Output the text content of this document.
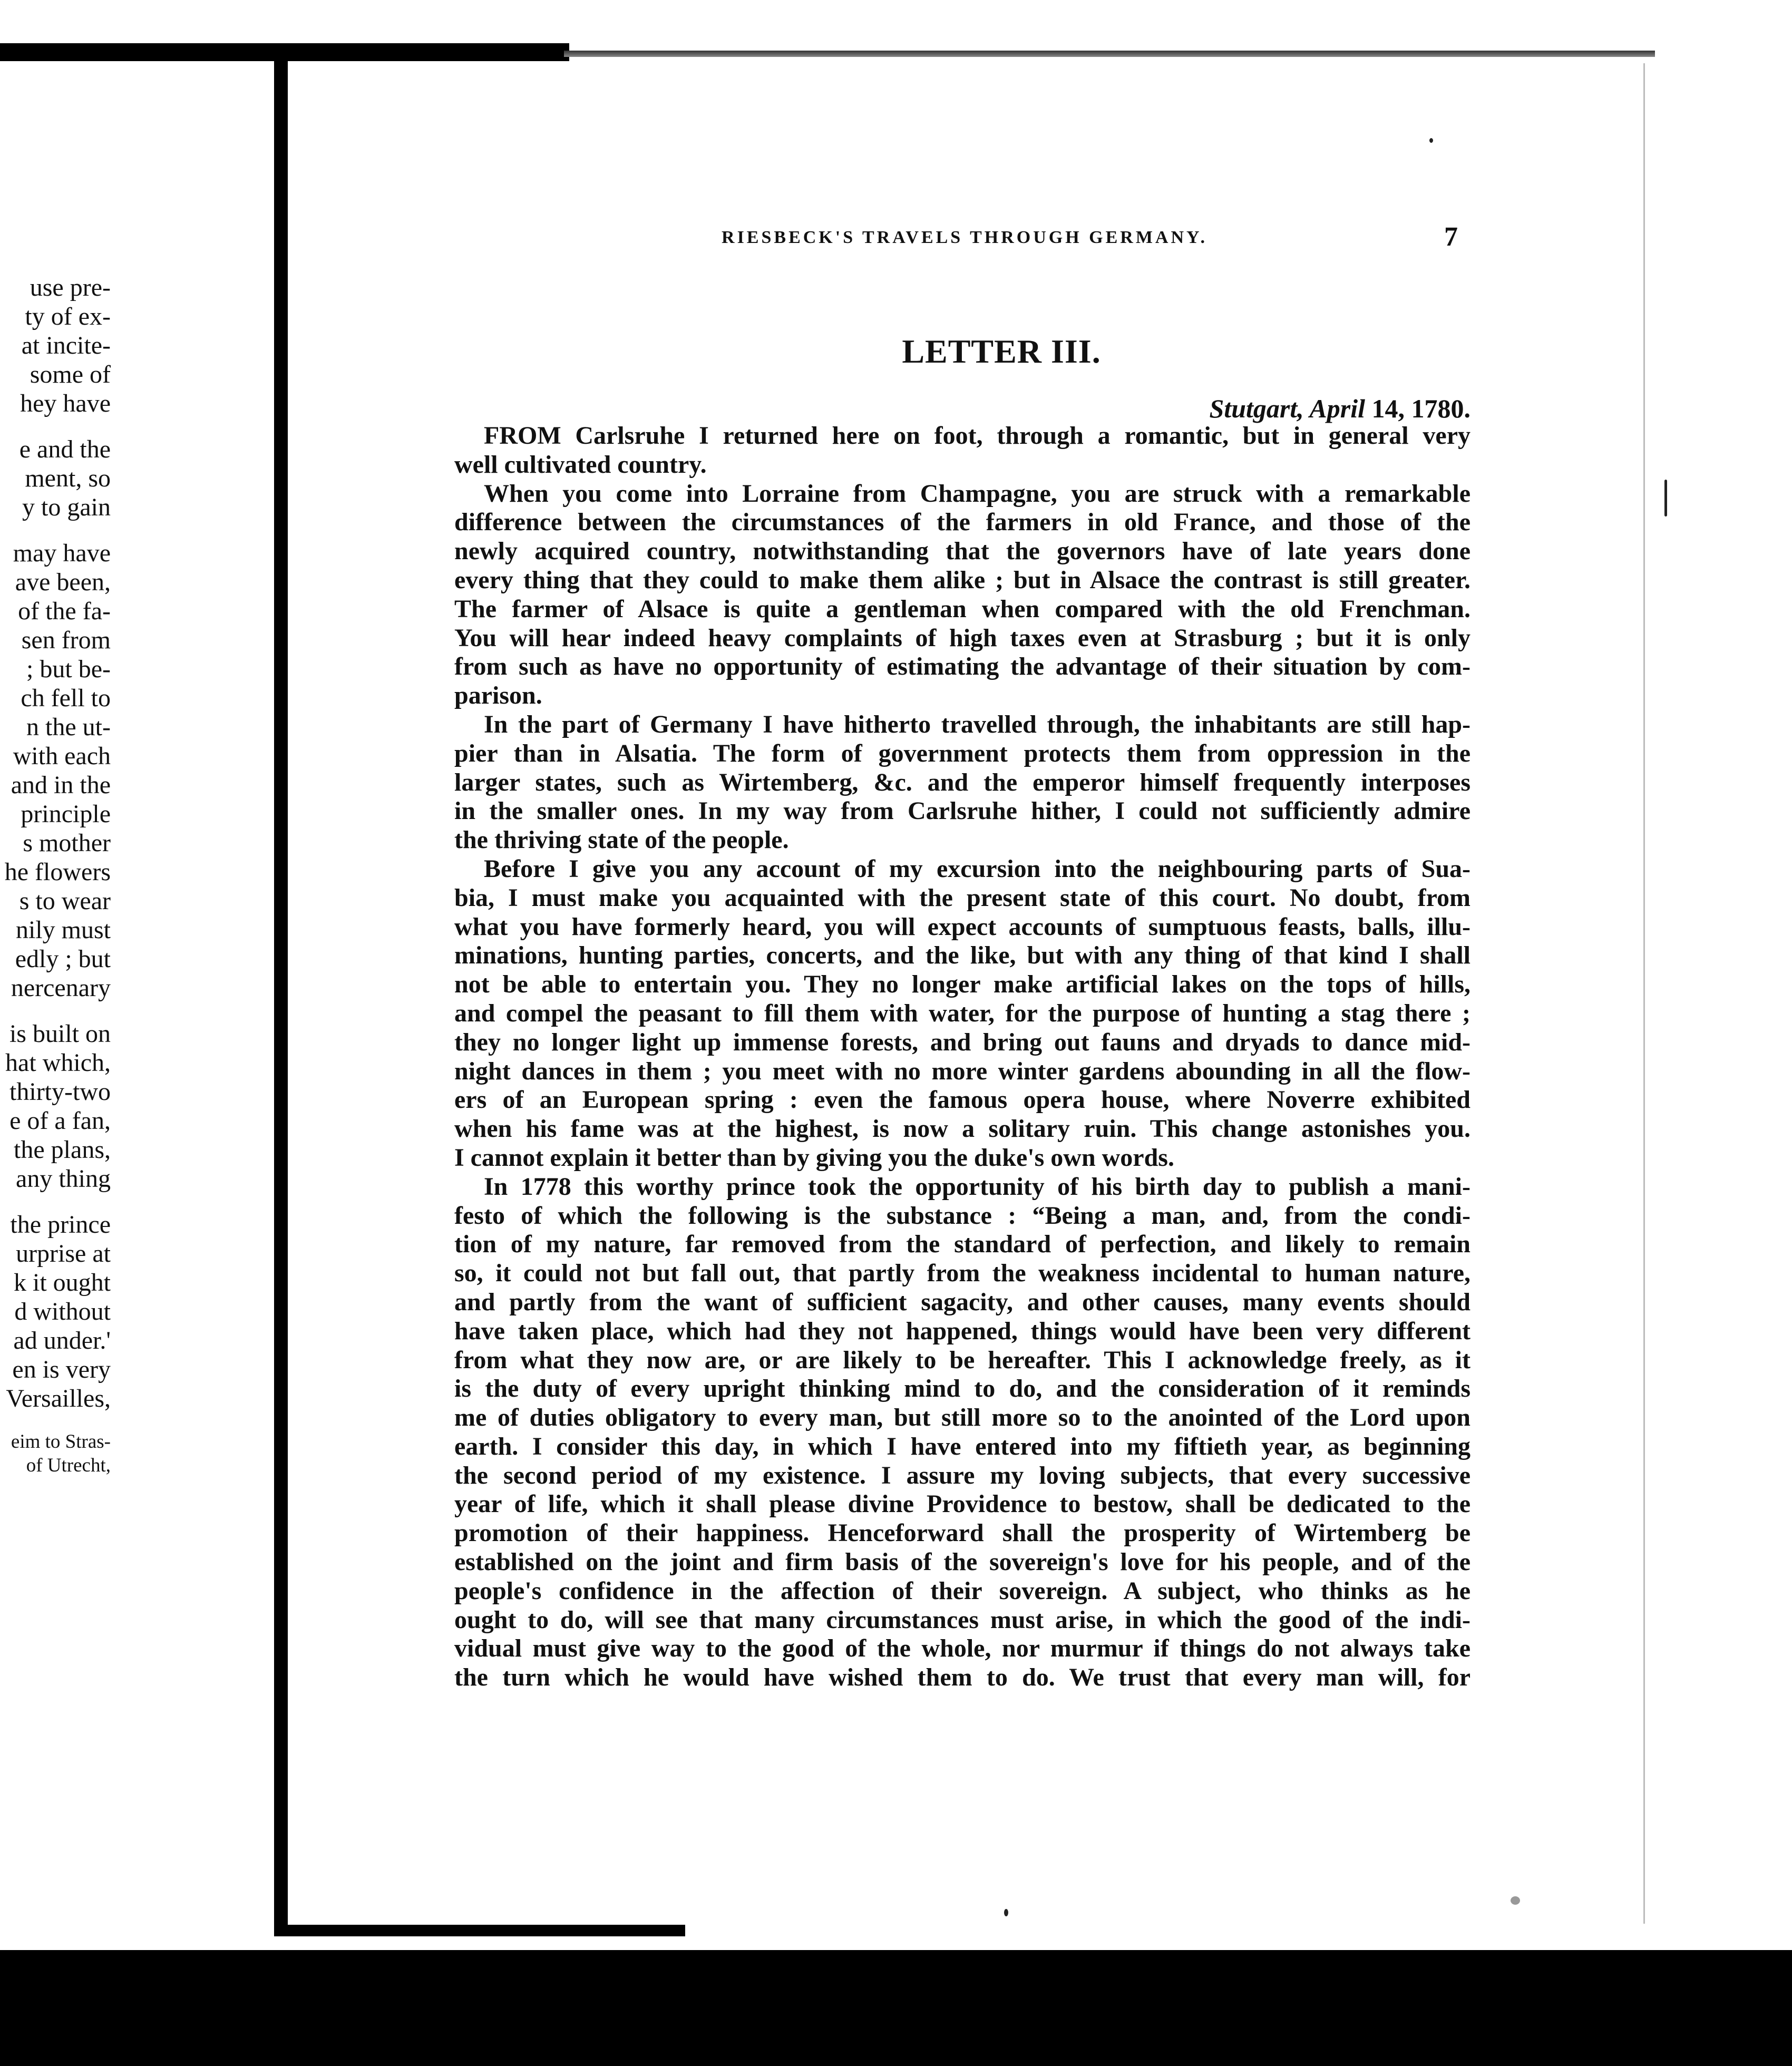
use pre-
ty of ex-
at incite-
some of
hey have
e and the
ment, so
y to gain
may have
ave been,
of the fa-
sen from
; but be-
ch fell to
n the ut-
with each
and in the
principle
s mother
he flowers
s to wear
nily must
edly ; but
nercenary
is built on
hat which,
thirty-two
e of a fan,
the plans,
any thing
the prince
urprise at
k it ought
d without
ad under.'
en is very
Versailles,
eim to Stras-
of Utrecht,
RIESBECK'S TRAVELS THROUGH GERMANY.	7
LETTER III.
Stutgart, April 14, 1780.
FROM Carlsruhe I returned here on foot, through a romantic, but in general very
well cultivated country.
When you come into Lorraine from Champagne, you are struck with a remarkable
difference between the circumstances of the farmers in old France, and those of the
newly acquired country, notwithstanding that the governors have of late years done
every thing that they could to make them alike ; but in Alsace the contrast is still greater.
The farmer of Alsace is quite a gentleman when compared with the old Frenchman.
You will hear indeed heavy complaints of high taxes even at Strasburg ; but it is only
from such as have no opportunity of estimating the advantage of their situation by com-
parison.
In the part of Germany I have hitherto travelled through, the inhabitants are still hap-
pier than in Alsatia. The form of government protects them from oppression in the
larger states, such as Wirtemberg, &c. and the emperor himself frequently interposes
in the smaller ones. In my way from Carlsruhe hither, I could not sufficiently admire
the thriving state of the people.
Before I give you any account of my excursion into the neighbouring parts of Sua-
bia, I must make you acquainted with the present state of this court. No doubt, from
what you have formerly heard, you will expect accounts of sumptuous feasts, balls, illu-
minations, hunting parties, concerts, and the like, but with any thing of that kind I shall
not be able to entertain you. They no longer make artificial lakes on the tops of hills,
and compel the peasant to fill them with water, for the purpose of hunting a stag there ;
they no longer light up immense forests, and bring out fauns and dryads to dance mid-
night dances in them ; you meet with no more winter gardens abounding in all the flow-
ers of an European spring : even the famous opera house, where Noverre exhibited
when his fame was at the highest, is now a solitary ruin. This change astonishes you.
I cannot explain it better than by giving you the duke's own words.
In 1778 this worthy prince took the opportunity of his birth day to publish a mani-
festo of which the following is the substance : “Being a man, and, from the condi-
tion of my nature, far removed from the standard of perfection, and likely to remain
so, it could not but fall out, that partly from the weakness incidental to human nature,
and partly from the want of sufficient sagacity, and other causes, many events should
have taken place, which had they not happened, things would have been very different
from what they now are, or are likely to be hereafter. This I acknowledge freely, as it
is the duty of every upright thinking mind to do, and the consideration of it reminds
me of duties obligatory to every man, but still more so to the anointed of the Lord upon
earth. I consider this day, in which I have entered into my fiftieth year, as beginning
the second period of my existence. I assure my loving subjects, that every successive
year of life, which it shall please divine Providence to bestow, shall be dedicated to the
promotion of their happiness. Henceforward shall the prosperity of Wirtemberg be
established on the joint and firm basis of the sovereign's love for his people, and of the
people's confidence in the affection of their sovereign. A subject, who thinks as he
ought to do, will see that many circumstances must arise, in which the good of the indi-
vidual must give way to the good of the whole, nor murmur if things do not always take
the turn which he would have wished them to do. We trust that every man will, for
